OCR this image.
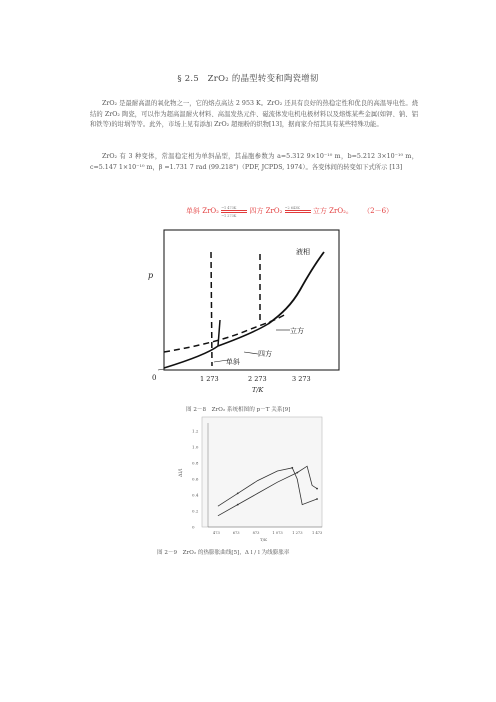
§ 2.5　ZrO₂ 的晶型转变和陶瓷增韧

ZrO₂ 是最耐高温的氧化物之一，它的熔点高达 2 953 K。ZrO₂ 还具有良好的热稳定性和优良的高温导电性。烧结的 ZrO₂ 陶瓷，可以作为超高温耐火材料、高温发热元件、磁流体发电机电极材料以及熔炼某些金属(如钾、钠、铝和铁等)的坩埚等等。此外，市场上见有添加 ZrO₂ 超细粉的织物[13]，据商家介绍其具有某些特殊功能。

ZrO₂ 有 3 种变体，常温稳定相为单斜晶型，其晶胞参数为 a=5.312 9×10⁻¹⁰ m，b=5.212 3×10⁻¹⁰ m，c=5.147 1×10⁻¹⁰ m，β =1.731 7 rad (99.218°)（PDF, JCPDS, 1974）。各变体间的转变如下式所示 [13]

单斜 ZrO₂ ~1 473K
~1 273K
四方 ZrO₂ ~2 643K 立方 ZrO₂。 （2－6）
p
0	1 273	2 273	3 273
T/K
液相
立方
四方
单斜
图 2－8　ZrO₂ 系统相图的 p－T 关系[9]
1.2
1.0
0.8
0.6
0.4
0.2
0
473	673	873	1 073	1 273	1 473
Δl/l
T/K
图 2－9　ZrO₂ 的热膨胀曲线[5]，Δ l / l 为线膨胀率
